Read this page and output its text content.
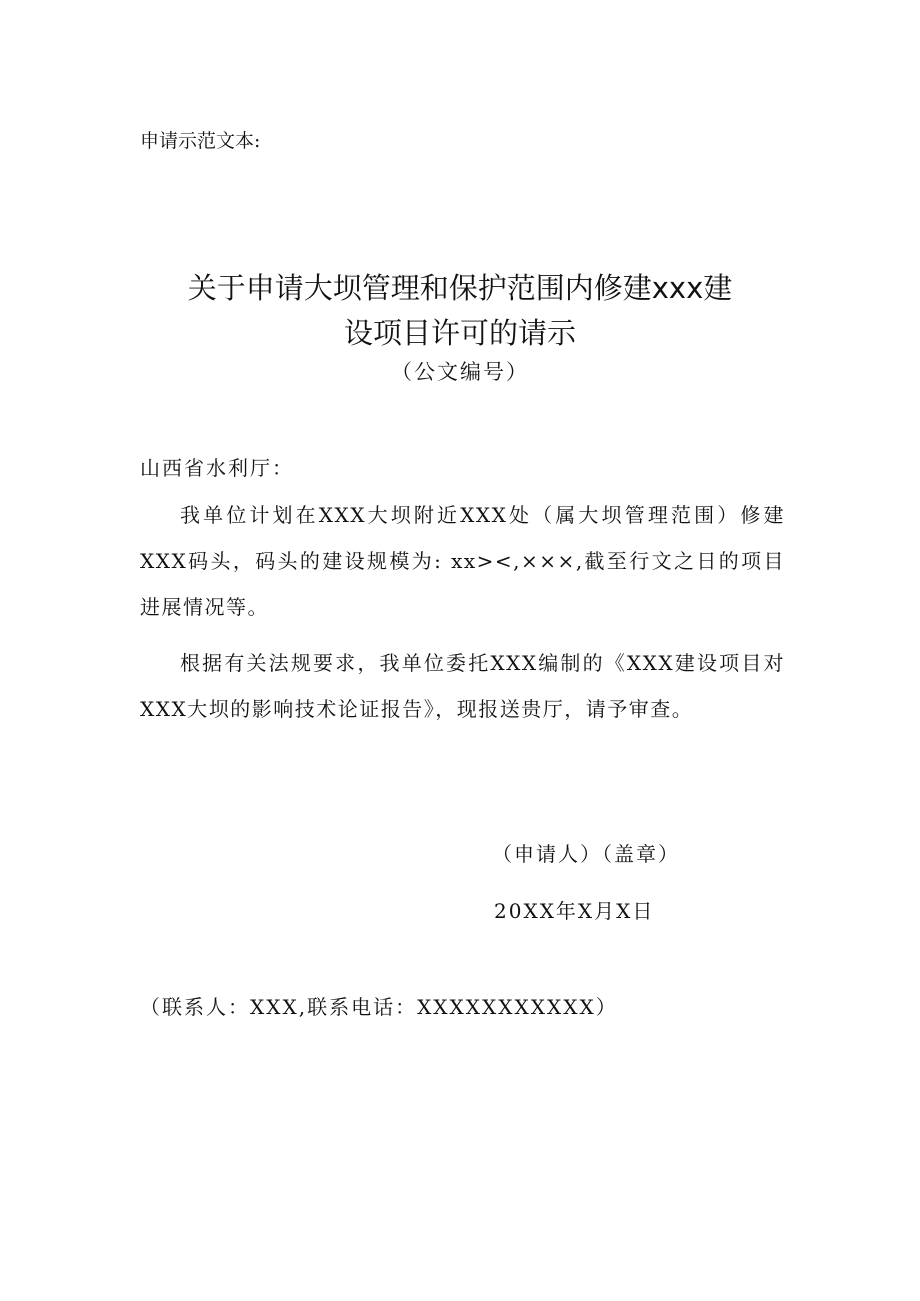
申请示范文本:
关于申请大坝管理和保护范围内修建xxx建
设项目许可的请示
（公文编号）
山西省水利厅：
我单位计划在XXX大坝附近XXX处（属大坝管理范围）修建XXX码头，码头的建设规模为: xx><,×××,截至行文之日的项目进展情况等。
根据有关法规要求，我单位委托XXX编制的《XXX建设项目对XXX大坝的影响技术论证报告》，现报送贵厅，请予审查。
（申请人）（盖章）
20XX年X月X日
（联系人：XXX,联系电话：XXXXXXXXXXX）
